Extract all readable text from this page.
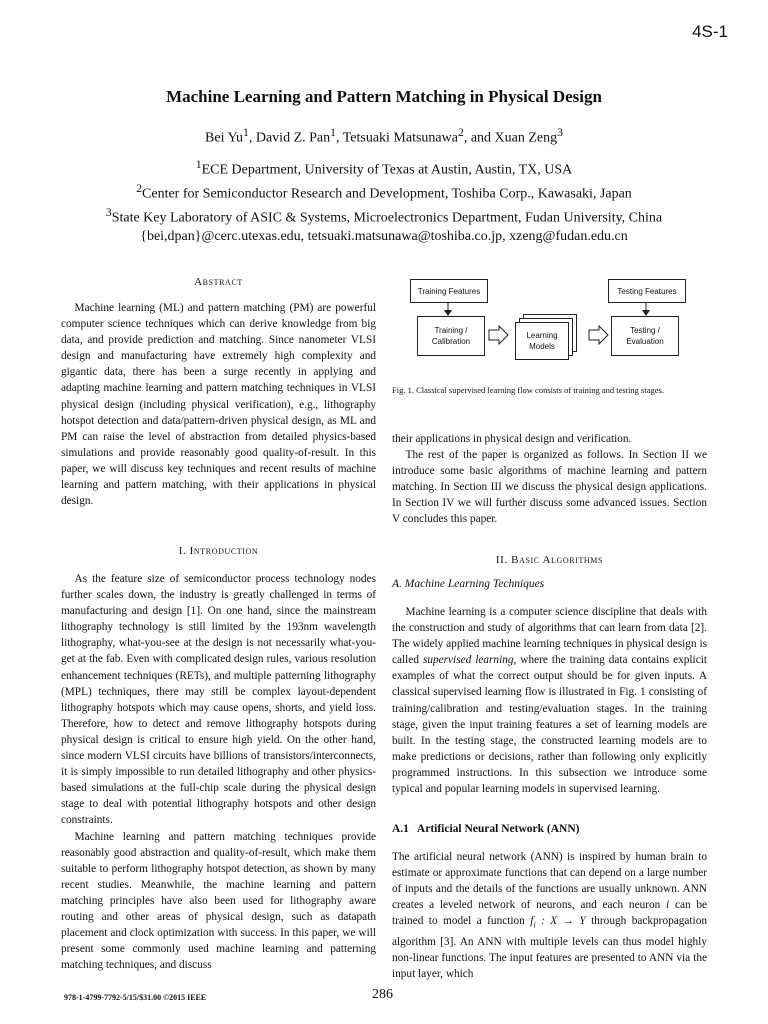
4S-1
Machine Learning and Pattern Matching in Physical Design
Bei Yu$^1$, David Z. Pan$^1$, Tetsuaki Matsunawa$^2$, and Xuan Zeng$^3$
$^1$ECE Department, University of Texas at Austin, Austin, TX, USA
$^2$Center for Semiconductor Research and Development, Toshiba Corp., Kawasaki, Japan
$^3$State Key Laboratory of ASIC & Systems, Microelectronics Department, Fudan University, China
{bei,dpan}@cerc.utexas.edu, tetsuaki.matsunawa@toshiba.co.jp, xzeng@fudan.edu.cn
Abstract

Machine learning (ML) and pattern matching (PM) are powerful computer science techniques which can derive knowledge from big data, and provide prediction and matching. Since nanometer VLSI design and manufacturing have extremely high complexity and gigantic data, there has been a surge recently in applying and adapting machine learning and pattern matching techniques in VLSI physical design (including physical verification), e.g., lithography hotspot detection and data/pattern-driven physical design, as ML and PM can raise the level of abstraction from detailed physics-based simulations and provide reasonably good quality-of-result. In this paper, we will discuss key techniques and recent results of machine learning and pattern matching, with their applications in physical design.

I. Introduction

As the feature size of semiconductor process technology nodes further scales down, the industry is greatly challenged in terms of manufacturing and design [1]. On one hand, since the mainstream lithography technology is still limited by the 193nm wavelength lithography, what-you-see at the design is not necessarily what-you-get at the fab. Even with complicated design rules, various resolution enhancement techniques (RETs), and multiple patterning lithography (MPL) techniques, there may still be complex layout-dependent lithography hotspots which may cause opens, shorts, and yield loss. Therefore, how to detect and remove lithography hotspots during physical design is critical to ensure high yield. On the other hand, since modern VLSI circuits have billions of transistors/interconnects, it is simply impossible to run detailed lithography and other physics-based simulations at the full-chip scale during the physical design stage to deal with potential lithography hotspots and other design constraints.

Machine learning and pattern matching techniques provide reasonably good abstraction and quality-of-result, which make them suitable to perform lithography hotspot detection, as shown by many recent studies. Meanwhile, the machine learning and pattern matching principles have also been used for lithography aware routing and other areas of physical design, such as datapath placement and clock optimization with success. In this paper, we will present some commonly used machine learning and patterning matching techniques, and discuss

Training Features	Testing Features
Training /
Calibration
Learning
Models
Testing /
Evaluation
Fig. 1. Classical supervised learning flow consists of training and testing stages.

their applications in physical design and verification.

The rest of the paper is organized as follows. In Section II we introduce some basic algorithms of machine learning and pattern matching. In Section III we discuss the physical design applications. In Section IV we will further discuss some advanced issues. Section V concludes this paper.

II. Basic Algorithms
A. Machine Learning Techniques

Machine learning is a computer science discipline that deals with the construction and study of algorithms that can learn from data [2]. The widely applied machine learning techniques in physical design is called supervised learning, where the training data contains explicit examples of what the correct output should be for given inputs. A classical supervised learning flow is illustrated in Fig. 1 consisting of training/calibration and testing/evaluation stages. In the training stage, given the input training features a set of learning models are built. In the testing stage, the constructed learning models are to make predictions or decisions, rather than following only explicitly programmed instructions. In this subsection we introduce some typical and popular learning models in supervised learning.

A.1   Artificial Neural Network (ANN)

The artificial neural network (ANN) is inspired by human brain to estimate or approximate functions that can depend on a large number of inputs and the details of the functions are usually unknown. ANN creates a leveled network of neurons, and each neuron i can be trained to model a function $f_i$ : X → Y through backpropagation algorithm [3]. An ANN with multiple levels can thus model highly non-linear functions. The input features are presented to ANN via the input layer, which

978-1-4799-7792-5/15/$31.00 ©2015 IEEE	286
